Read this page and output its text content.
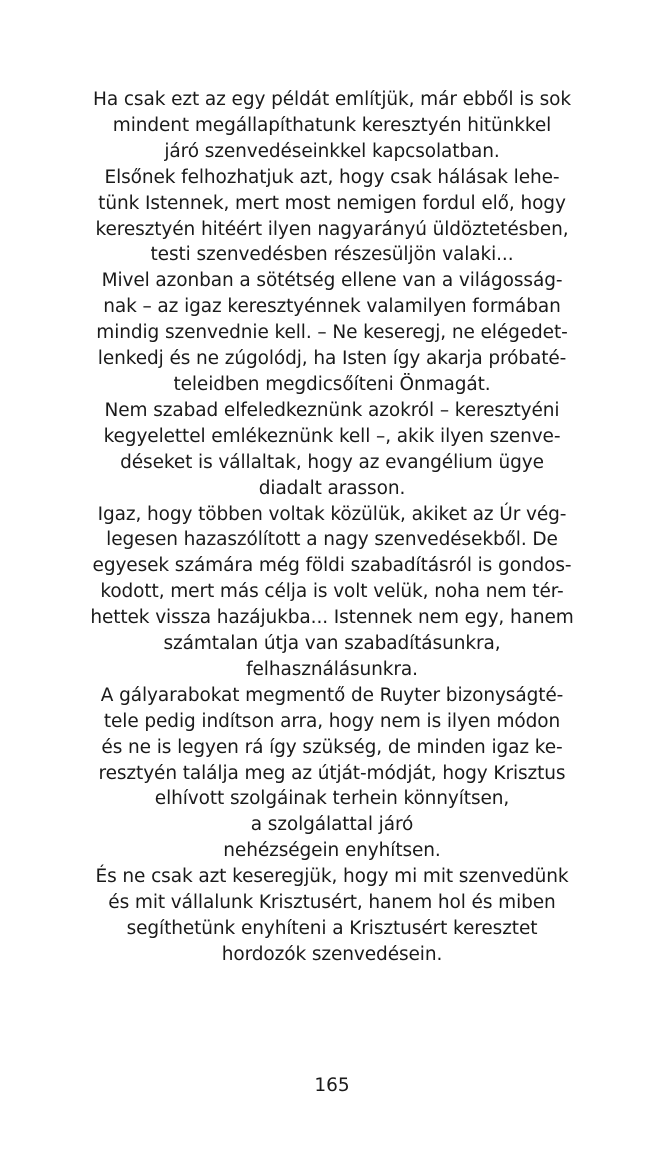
Ha csak ezt az egy példát említjük, már ebből is sok
mindent megállapíthatunk keresztyén hitünkkel
járó szenvedéseinkkel kapcsolatban.
Elsőnek felhozhatjuk azt, hogy csak hálásak lehe-
tünk Istennek, mert most nemigen fordul elő, hogy
keresztyén hitéért ilyen nagyarányú üldöztetésben,
testi szenvedésben részesüljön valaki...
Mivel azonban a sötétség ellene van a világosság-
nak – az igaz keresztyénnek valamilyen formában
mindig szenvednie kell. – Ne keseregj, ne elégedet-
lenkedj és ne zúgolódj, ha Isten így akarja próbaté-
teleidben megdicsőíteni Önmagát.
Nem szabad elfeledkeznünk azokról – keresztyéni
kegyelettel emlékeznünk kell –, akik ilyen szenve-
déseket is vállaltak, hogy az evangélium ügye
diadalt arasson.
Igaz, hogy többen voltak közülük, akiket az Úr vég-
legesen hazaszólított a nagy szenvedésekből. De
egyesek számára még földi szabadításról is gondos-
kodott, mert más célja is volt velük, noha nem tér-
hettek vissza hazájukba... Istennek nem egy, hanem
számtalan útja van szabadításunkra,
felhasználásunkra.
A gályarabokat megmentő de Ruyter bizonyságté-
tele pedig indítson arra, hogy nem is ilyen módon
és ne is legyen rá így szükség, de minden igaz ke-
resztyén találja meg az útját-módját, hogy Krisztus
elhívott szolgáinak terhein könnyítsen,
a szolgálattal járó
nehézségein enyhítsen.
És ne csak azt keseregjük, hogy mi mit szenvedünk
és mit vállalunk Krisztusért, hanem hol és miben
segíthetünk enyhíteni a Krisztusért keresztet
hordozók szenvedésein.
165
